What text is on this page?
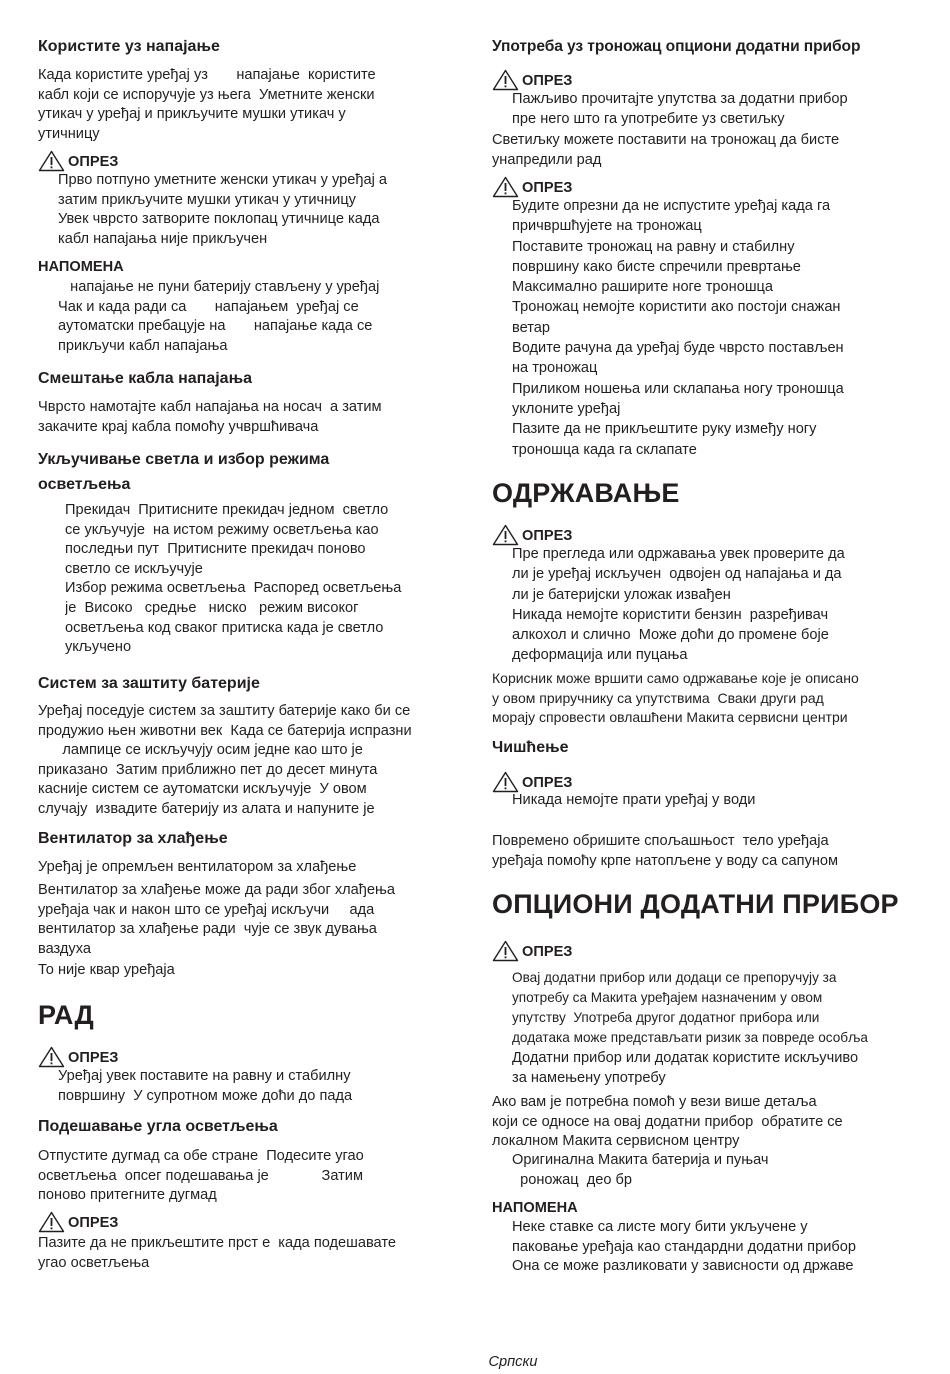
Користите уз напајање
Када користите уређај уз       напајање  користите
кабл који се испоручује уз њега  Уметните женски
утикач у уређај и прикључите мушки утикач у
утичницу
ОПРЕЗ
Прво потпуно уметните женски утикач у уређај а
затим прикључите мушки утикач у утичницу
Увек чврсто затворите поклопац утичнице када
кабл напајања није прикључен
НАПОМЕНА
напајање не пуни батерију стављену у уређај
Чак и када ради са       напајањем  уређај се
аутоматски пребацује на       напајање када се
прикључи кабл напајања
Смештање кабла напајања
Чврсто намотајте кабл напајања на носач  а затим
закачите крај кабла помоћу учвршћивача
Укључивање светла и избор режима
осветљења
Прекидач  Притисните прекидач једном  светло
се укључује  на истом режиму осветљења као
последњи пут  Притисните прекидач поново
светло се искључује
Избор режима осветљења  Распоред осветљења
је  Високо   средње   ниско   режим високог
осветљења код сваког притиска када је светло
укључено
Систем за заштиту батерије
Уређај поседује систем за заштиту батерије како би се
продужио њен животни век  Када се батерија испразни
лампице се искључују осим једне као што је
приказано  Затим приближно пет до десет минута
касније систем се аутоматски искључује  У овом
случају  извадите батерију из алата и напуните је
Вентилатор за хлађење
Уређај је опремљен вентилатором за хлађење
Вентилатор за хлађење може да ради због хлађења
уређаја чак и након што се уређај искључи     ада
вентилатор за хлађење ради  чује се звук дувања
ваздуха
То није квар уређаја
РАД
ОПРЕЗ
Уређај увек поставите на равну и стабилну
површину  У супротном може доћи до пада
Подешавање угла осветљења
Отпустите дугмад са обе стране  Подесите угао
осветљења  опсег подешавања је             Затим
поново притегните дугмад
ОПРЕЗ
Пазите да не прикљештите прст е  када подешавате
угао осветљења
Употреба уз троножац опциони додатни прибор
ОПРЕЗ
Пажљиво прочитајте упутства за додатни прибор
пре него што га употребите уз светиљку
Светиљку можете поставити на троножац да бисте
унапредили рад
ОПРЕЗ
Будите опрезни да не испустите уређај када га
причвршћујете на троножац
Поставите троножац на равну и стабилну
површину како бисте спречили превртање
Максимално раширите ноге троношца
Троножац немојте користити ако постоји снажан
ветар
Водите рачуна да уређај буде чврсто постављен
на троножац
Приликом ношења или склапања ногу троношца
уклоните уређај
Пазите да не прикљештите руку између ногу
троношца када га склапате
ОДРЖАВАЊЕ
ОПРЕЗ
Пре прегледа или одржавања увек проверите да
ли је уређај искључен  одвојен од напајања и да
ли је батеријски уложак извађен
Никада немојте користити бензин  разређивач
алкохол и слично  Може доћи до промене боје
деформација или пуцања
Корисник може вршити само одржавање које је описано
у овом приручнику са упутствима  Сваки други рад
морају спровести овлашћени Макита сервисни центри
Чишћење
ОПРЕЗ
Никада немојте прати уређај у води
Повремено обришите спољашњост  тело уређаја
уређаја помоћу крпе натопљене у воду са сапуном
ОПЦИОНИ ДОДАТНИ ПРИБОР
ОПРЕЗ
Овај додатни прибор или додаци се препоручују за
употребу са Макита уређајем назначеним у овом
упутству  Употреба другог додатног прибора или
додатака може представљати ризик за повреде особља
Додатни прибор или додатак користите искључиво
за намењену употребу
Ако вам је потребна помоћ у вези више детаља
који се односе на овај додатни прибор  обратите се
локалном Макита сервисном центру
Оригинална Макита батерија и пуњач
роножац  део бр
НАПОМЕНА
Неке ставке са листе могу бити укључене у
паковање уређаја као стандардни додатни прибор
Она се може разликовати у зависности од државе
Српски
